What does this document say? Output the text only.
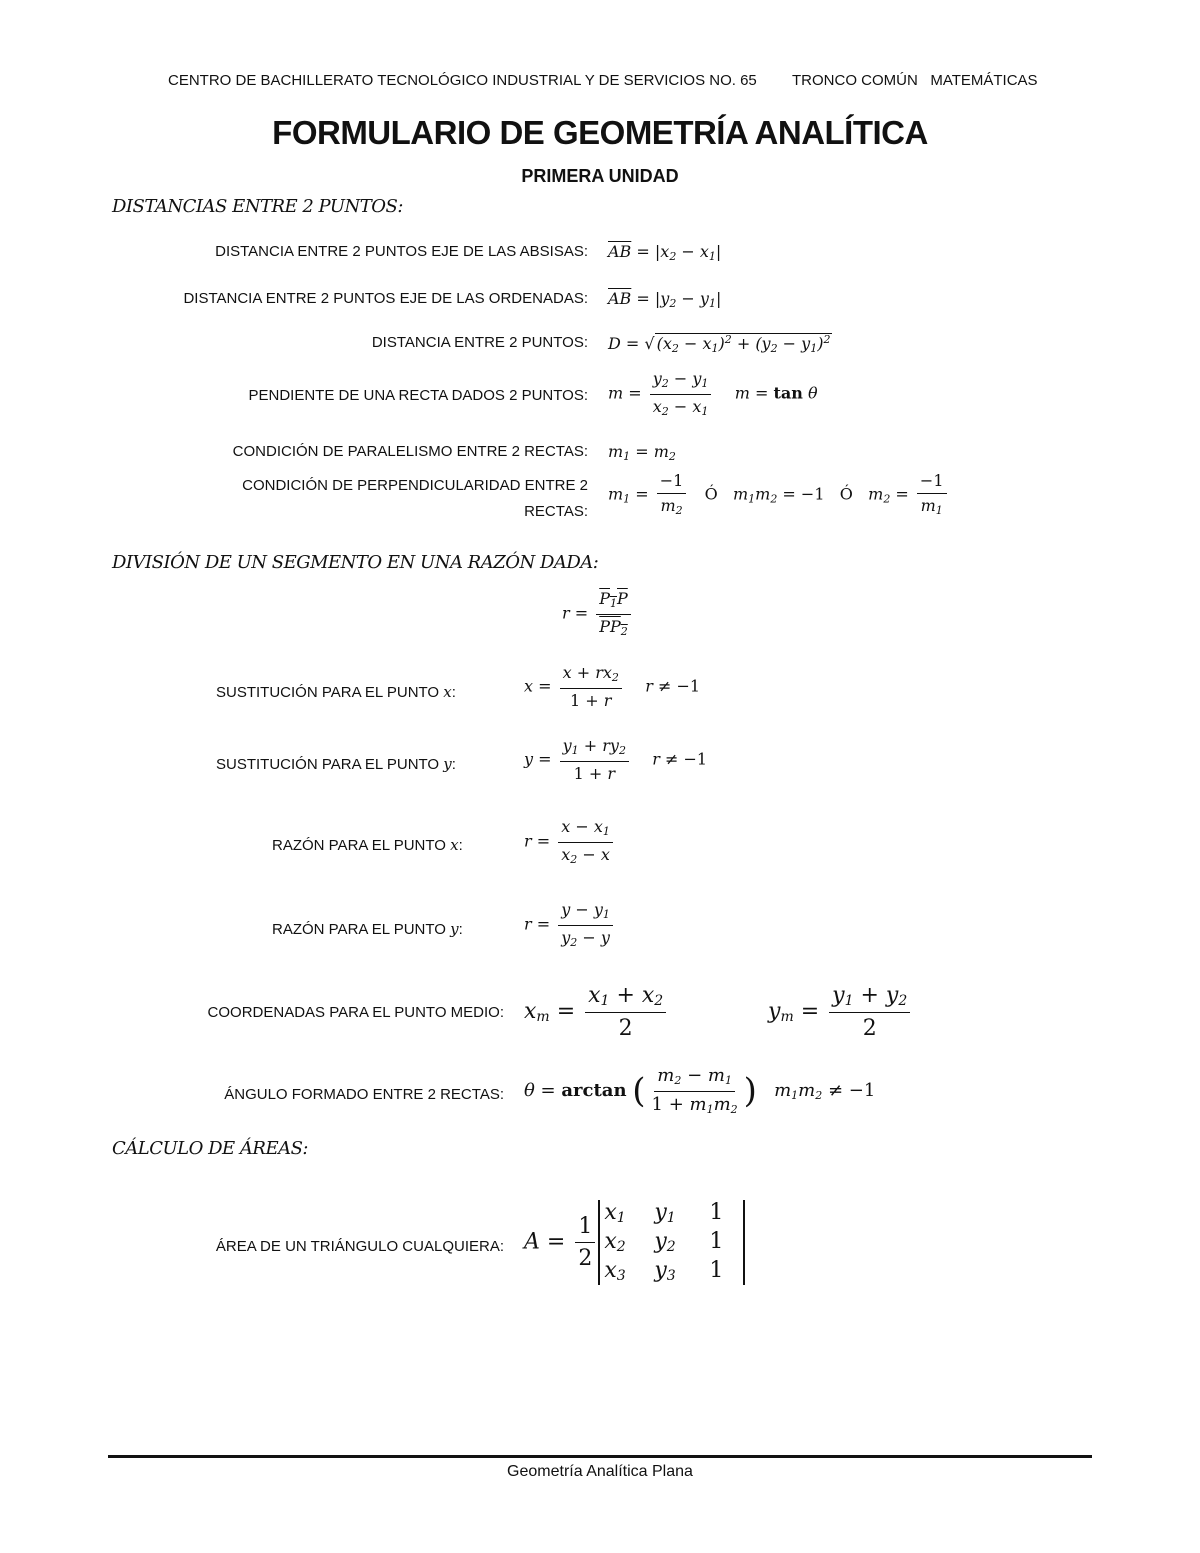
CENTRO DE BACHILLERATO TECNOLÓGICO INDUSTRIAL Y DE SERVICIOS NO. 65 TRONCO COMÚN   MATEMÁTICAS
FORMULARIO DE GEOMETRÍA ANALÍTICA
PRIMERA UNIDAD
DISTANCIAS ENTRE 2 PUNTOS:
DISTANCIA ENTRE 2 PUNTOS EJE DE LAS ABSISAS: $\overline{AB} = |x_2 - x_1|$
DISTANCIA ENTRE 2 PUNTOS EJE DE LAS ORDENADAS: $\overline{AB} = |y_2 - y_1|$
DISTANCIA ENTRE 2 PUNTOS: D = √ $(x_2 - x_1)^2 + (y_2 - y_1)^2$
PENDIENTE DE UNA RECTA DADOS 2 PUNTOS: $m = \frac{y_2 - y_1}{x_2 - x_1}$ m = tan θ
CONDICIÓN DE PARALELISMO ENTRE 2 RECTAS: $m_1 = m_2$
CONDICIÓN DE PERPENDICULARIDAD ENTRE 2
RECTAS:
$m_1 = \frac{-1}{m_2}$ Ó   $m_1m_2 = -1$ Ó   $m_2 = \frac{-1}{m_1}$
DIVISIÓN DE UN SEGMENTO EN UNA RAZÓN DADA:
$r = \frac{P_1P}{PP_2}$
SUSTITUCIÓN PARA EL PUNTO x:	$x = \frac{x + rx_2}{1 + r}$ r ≠ −1
SUSTITUCIÓN PARA EL PUNTO y:	$y = \frac{y_1 + ry_2}{1 + r}$ r ≠ −1
RAZÓN PARA EL PUNTO x:	$r = \frac{x - x_1}{x_2 - x}$
RAZÓN PARA EL PUNTO y:	$r = \frac{y - y_1}{y_2 - y}$
COORDENADAS PARA EL PUNTO MEDIO: $x_m = \frac{x_1 + x_2}{2}$	$y_m = \frac{y_1 + y_2}{2}$
ÁNGULO FORMADO ENTRE 2 RECTAS: θ = arctan ( $\frac{m_2 - m_1}{1 + m_1m_2}$ )   $m_1m_2 \ne -1$
CÁLCULO DE ÁREAS:
ÁREA DE UN TRIÁNGULO CUALQUIERA: $A = \frac{1}{2}$
$x_1$	$y_1$	1
$x_2$	$y_2$	1
$x_3$	$y_3$	1
Geometría Analítica Plana
